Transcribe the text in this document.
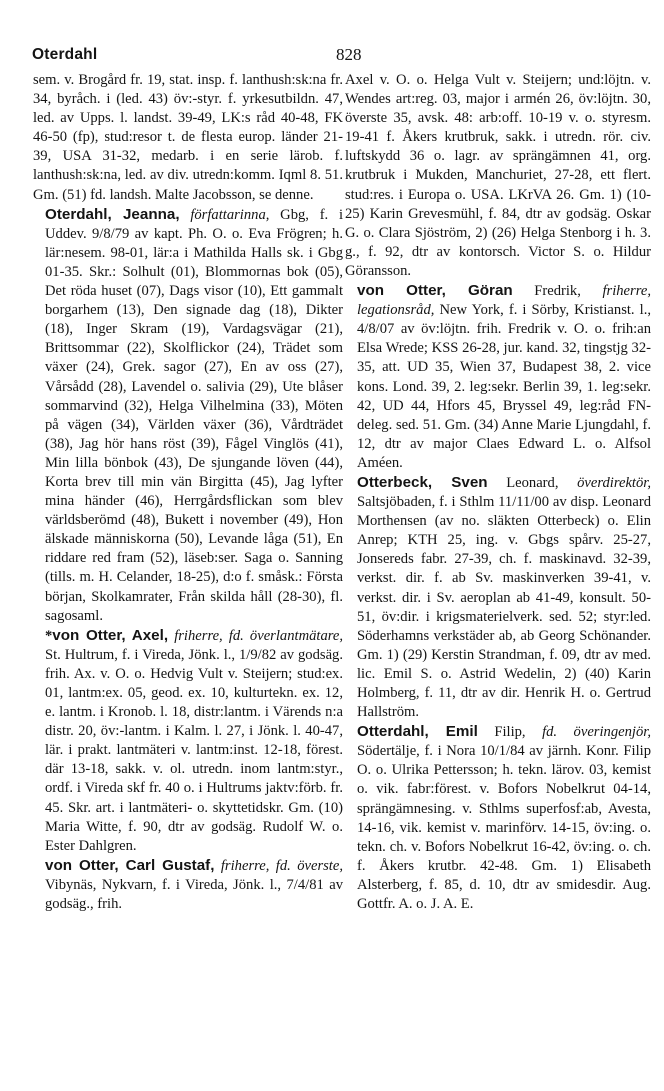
Oterdahl	828

sem. v. Brogård fr. 19, stat. insp. f. lanthush:sk:na fr. 34, byråch. i (led. 43) öv:-styr. f. yrkesutbildn. 47, led. av Upps. l. landst. 39-49, LK:s råd 40-48, FK 46-50 (fp), stud:resor t. de flesta europ. länder 21-39, USA 31-32, medarb. i en serie lärob. f. lanthush:sk:na, led. av div. utredn:komm. Iqml 8. 51. Gm. (51) fd. landsh. Malte Jacobsson, se denne.

Oterdahl, Jeanna, författarinna, Gbg, f. i Uddev. 9/8/79 av kapt. Ph. O. o. Eva Frögren; h. lär:nesem. 98-01, lär:a i Mathilda Halls sk. i Gbg 01-35. Skr.: Solhult (01), Blommornas bok (05), Det röda huset (07), Dags visor (10), Ett gammalt borgarhem (13), Den signade dag (18), Dikter (18), Inger Skram (19), Vardagsvägar (21), Brittsommar (22), Skolflickor (24), Trädet som växer (24), Grek. sagor (27), En av oss (27), Vårsådd (28), Lavendel o. salivia (29), Ute blåser sommarvind (32), Helga Vilhelmina (33), Möten på vägen (34), Världen växer (36), Vårdträdet (38), Jag hör hans röst (39), Fågel Vinglös (41), Min lilla bönbok (43), De sjungande löven (44), Korta brev till min vän Birgitta (45), Jag lyfter mina händer (46), Herrgårdsflickan som blev världsberömd (48), Bukett i november (49), Hon älskade människorna (50), Levande låga (51), En riddare red fram (52), läseb:ser. Saga o. Sanning (tills. m. H. Celander, 18-25), d:o f. småsk.: Första början, Skolkamrater, Från skilda håll (28-30), fl. sagosaml.

*von Otter, Axel, friherre, fd. överlantmätare, St. Hultrum, f. i Vireda, Jönk. l., 1/9/82 av godsäg. frih. Ax. v. O. o. Hedvig Vult v. Steijern; stud:ex. 01, lantm:ex. 05, geod. ex. 10, kulturtekn. ex. 12, e. lantm. i Kronob. l. 18, distr:lantm. i Värends n:a distr. 20, öv:-lantm. i Kalm. l. 27, i Jönk. l. 40-47, lär. i prakt. lantmäteri v. lantm:inst. 12-18, förest. där 13-18, sakk. v. ol. utredn. inom lantm:styr., ordf. i Vireda skf fr. 40 o. i Hultrums jaktv:förb. fr. 45. Skr. art. i lantmäteri- o. skyttetidskr. Gm. (10) Maria Witte, f. 90, dtr av godsäg. Rudolf W. o. Ester Dahlgren.

von Otter, Carl Gustaf, friherre, fd. överste, Vibynäs, Nykvarn, f. i Vireda, Jönk. l., 7/4/81 av godsäg., frih.

Axel v. O. o. Helga Vult v. Steijern; und:löjtn. v. Wendes art:reg. 03, major i armén 26, öv:löjtn. 30, överste 35, avsk. 48: arb:off. 10-19 v. o. styresm. 19-41 f. Åkers krutbruk, sakk. i utredn. rör. civ. luftskydd 36 o. lagr. av sprängämnen 41, org. krutbruk i Mukden, Manchuriet, 27-28, ett flert. stud:res. i Europa o. USA. LKrVA 26. Gm. 1) (10-25) Karin Grevesmühl, f. 84, dtr av godsäg. Oskar G. o. Clara Sjöström, 2) (26) Helga Stenborg i h. 3. g., f. 92, dtr av kontorsch. Victor S. o. Hildur Göransson.

von Otter, Göran Fredrik, friherre, legationsråd, New York, f. i Sörby, Kristianst. l., 4/8/07 av öv:löjtn. frih. Fredrik v. O. o. frih:an Elsa Wrede; KSS 26-28, jur. kand. 32, tingstjg 32-35, att. UD 35, Wien 37, Budapest 38, 2. vice kons. Lond. 39, 2. leg:sekr. Berlin 39, 1. leg:sekr. 42, UD 44, Hfors 45, Bryssel 49, leg:råd FN-deleg. sed. 51. Gm. (34) Anne Marie Ljungdahl, f. 12, dtr av major Claes Edward L. o. Alfsol Améen.

Otterbeck, Sven Leonard, överdirektör, Saltsjöbaden, f. i Sthlm 11/11/00 av disp. Leonard Morthensen (av no. släkten Otterbeck) o. Elin Anrep; KTH 25, ing. v. Gbgs spårv. 25-27, Jonsereds fabr. 27-39, ch. f. maskinavd. 32-39, verkst. dir. f. ab Sv. maskinverken 39-41, v. verkst. dir. i Sv. aeroplan ab 41-49, konsult. 50-51, öv:dir. i krigsmaterielverk. sed. 52; styr:led. Söderhamns verkstäder ab, ab Georg Schönander. Gm. 1) (29) Kerstin Strandman, f. 09, dtr av med. lic. Emil S. o. Astrid Wedelin, 2) (40) Karin Holmberg, f. 11, dtr av dir. Henrik H. o. Gertrud Hallström.

Otterdahl, Emil Filip, fd. överingenjör, Södertälje, f. i Nora 10/1/84 av järnh. Konr. Filip O. o. Ulrika Pettersson; h. tekn. lärov. 03, kemist o. vik. fabr:förest. v. Bofors Nobelkrut 04-14, sprängämnesing. v. Sthlms superfosf:ab, Avesta, 14-16, vik. kemist v. marinförv. 14-15, öv:ing. o. tekn. ch. v. Bofors Nobelkrut 16-42, öv:ing. o. ch. f. Åkers krutbr. 42-48. Gm. 1) Elisabeth Alsterberg, f. 85, d. 10, dtr av smidesdir. Aug. Gottfr. A. o. J. A. E.
